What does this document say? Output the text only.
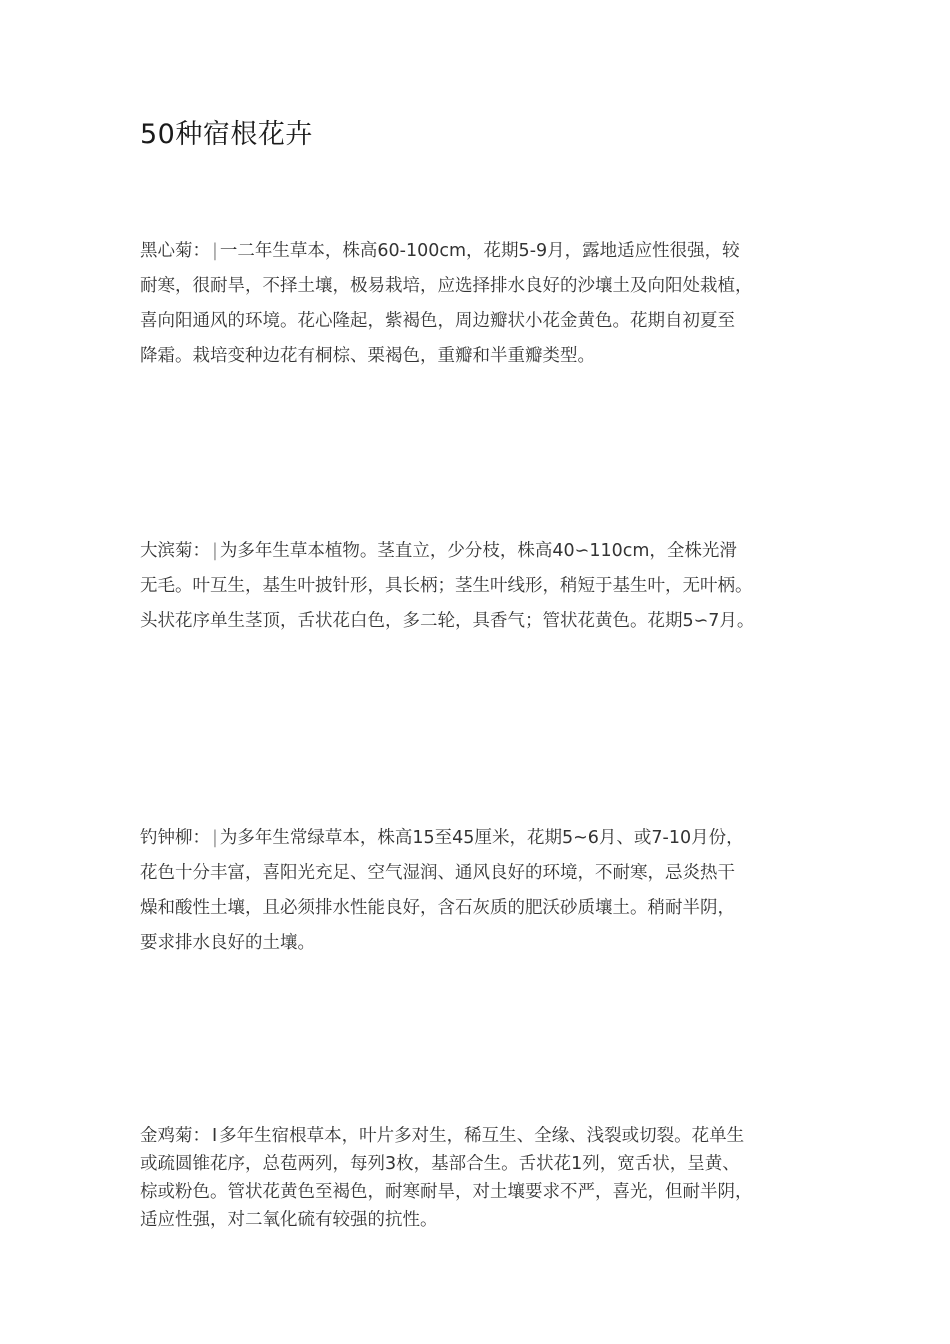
50种宿根花卉
黑心菊： | 一二年生草本，株高60-100cm，花期5-9月，露地适应性很强，较
耐寒，很耐旱，不择土壤，极易栽培，应选择排水良好的沙壤土及向阳处栽植，
喜向阳通风的环境。花心隆起，紫褐色，周边瓣状小花金黄色。花期自初夏至
降霜。栽培变种边花有桐棕、栗褐色，重瓣和半重瓣类型。
大滨菊： | 为多年生草本植物。茎直立，少分枝，株高40∽110cm，全株光滑
无毛。叶互生，基生叶披针形，具长柄；茎生叶线形，稍短于基生叶，无叶柄。
头状花序单生茎顶，舌状花白色，多二轮，具香气；管状花黄色。花期5∽7月。
钓钟柳： | 为多年生常绿草本，株高15至45厘米，花期5~6月、或7-10月份，
花色十分丰富，喜阳光充足、空气湿润、通风良好的环境，不耐寒，忌炎热干
燥和酸性土壤，且必须排水性能良好，含石灰质的肥沃砂质壤土。稍耐半阴，
要求排水良好的土壤。
金鸡菊： I 多年生宿根草本，叶片多对生，稀互生、全缘、浅裂或切裂。花单生
或疏圆锥花序，总苞两列，每列3枚，基部合生。舌状花1列，宽舌状，呈黄、
棕或粉色。管状花黄色至褐色，耐寒耐旱，对土壤要求不严，喜光，但耐半阴，
适应性强，对二氧化硫有较强的抗性。
